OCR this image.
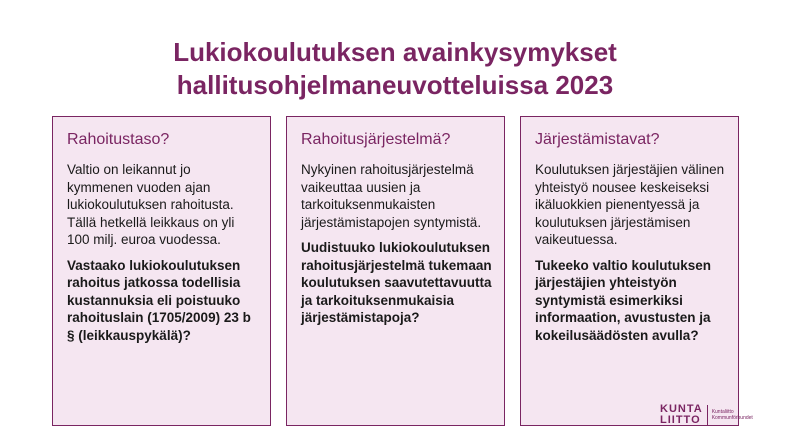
Lukiokoulutuksen avainkysymykset
hallitusohjelmaneuvotteluissa 2023
Rahoitustaso?

Valtio on leikannut jo kymmenen vuoden ajan lukiokoulutuksen rahoitusta. Tällä hetkellä leikkaus on yli 100 milj. euroa vuodessa.

Vastaako lukiokoulutuksen rahoitus jatkossa todellisia kustannuksia eli poistuuko rahoituslain (1705/2009) 23 b § (leikkauspykälä)?

Rahoitusjärjestelmä?

Nykyinen rahoitusjärjestelmä vaikeuttaa uusien ja tarkoituksenmukaisten järjestämistapojen syntymistä.

Uudistuuko lukiokoulutuksen rahoitusjärjestelmä tukemaan koulutuksen saavutettavuutta ja tarkoituksenmukaisia järjestämistapoja?

Järjestämistavat?

Koulutuksen järjestäjien välinen yhteistyö nousee keskeiseksi ikäluokkien pienentyessä ja koulutuksen järjestämisen vaikeutuessa.

Tukeeko valtio koulutuksen järjestäjien yhteistyön syntymistä esimerkiksi informaation, avustusten ja kokeilusäädösten avulla?

KUNTA
LIITTO
Kuntaliitto Kommunförbundet
